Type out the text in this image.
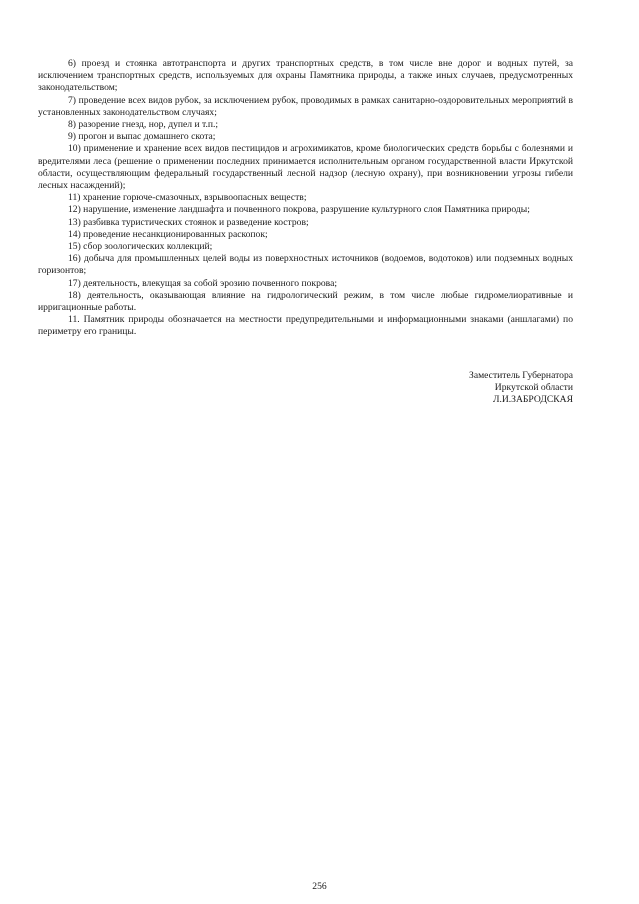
6) проезд и стоянка автотранспорта и других транспортных средств, в том числе вне дорог и водных путей, за исключением транспортных средств, используемых для охраны Памятника природы, а также иных случаев, предусмотренных законодательством;

7) проведение всех видов рубок, за исключением рубок, проводимых в рамках санитарно-оздоровительных мероприятий в установленных законодательством случаях;

8) разорение гнезд, нор, дупел и т.п.;

9) прогон и выпас домашнего скота;

10) применение и хранение всех видов пестицидов и агрохимикатов, кроме биологических средств борьбы с болезнями и вредителями леса (решение о применении последних принимается исполнительным органом государственной власти Иркутской области, осуществляющим федеральный государственный лесной надзор (лесную охрану), при возникновении угрозы гибели лесных насаждений);

11) хранение горюче-смазочных, взрывоопасных веществ;

12) нарушение, изменение ландшафта и почвенного покрова, разрушение культурного слоя Памятника природы;

13) разбивка туристических стоянок и разведение костров;

14) проведение несанкционированных раскопок;

15) сбор зоологических коллекций;

16) добыча для промышленных целей воды из поверхностных источников (водоемов, водотоков) или подземных водных горизонтов;

17) деятельность, влекущая за собой эрозию почвенного покрова;

18) деятельность, оказывающая влияние на гидрологический режим, в том числе любые гидромелиоративные и ирригационные работы.

11. Памятник природы обозначается на местности предупредительными и информационными знаками (аншлагами) по периметру его границы.

Заместитель Губернатора
Иркутской области
Л.И.ЗАБРОДСКАЯ
256
